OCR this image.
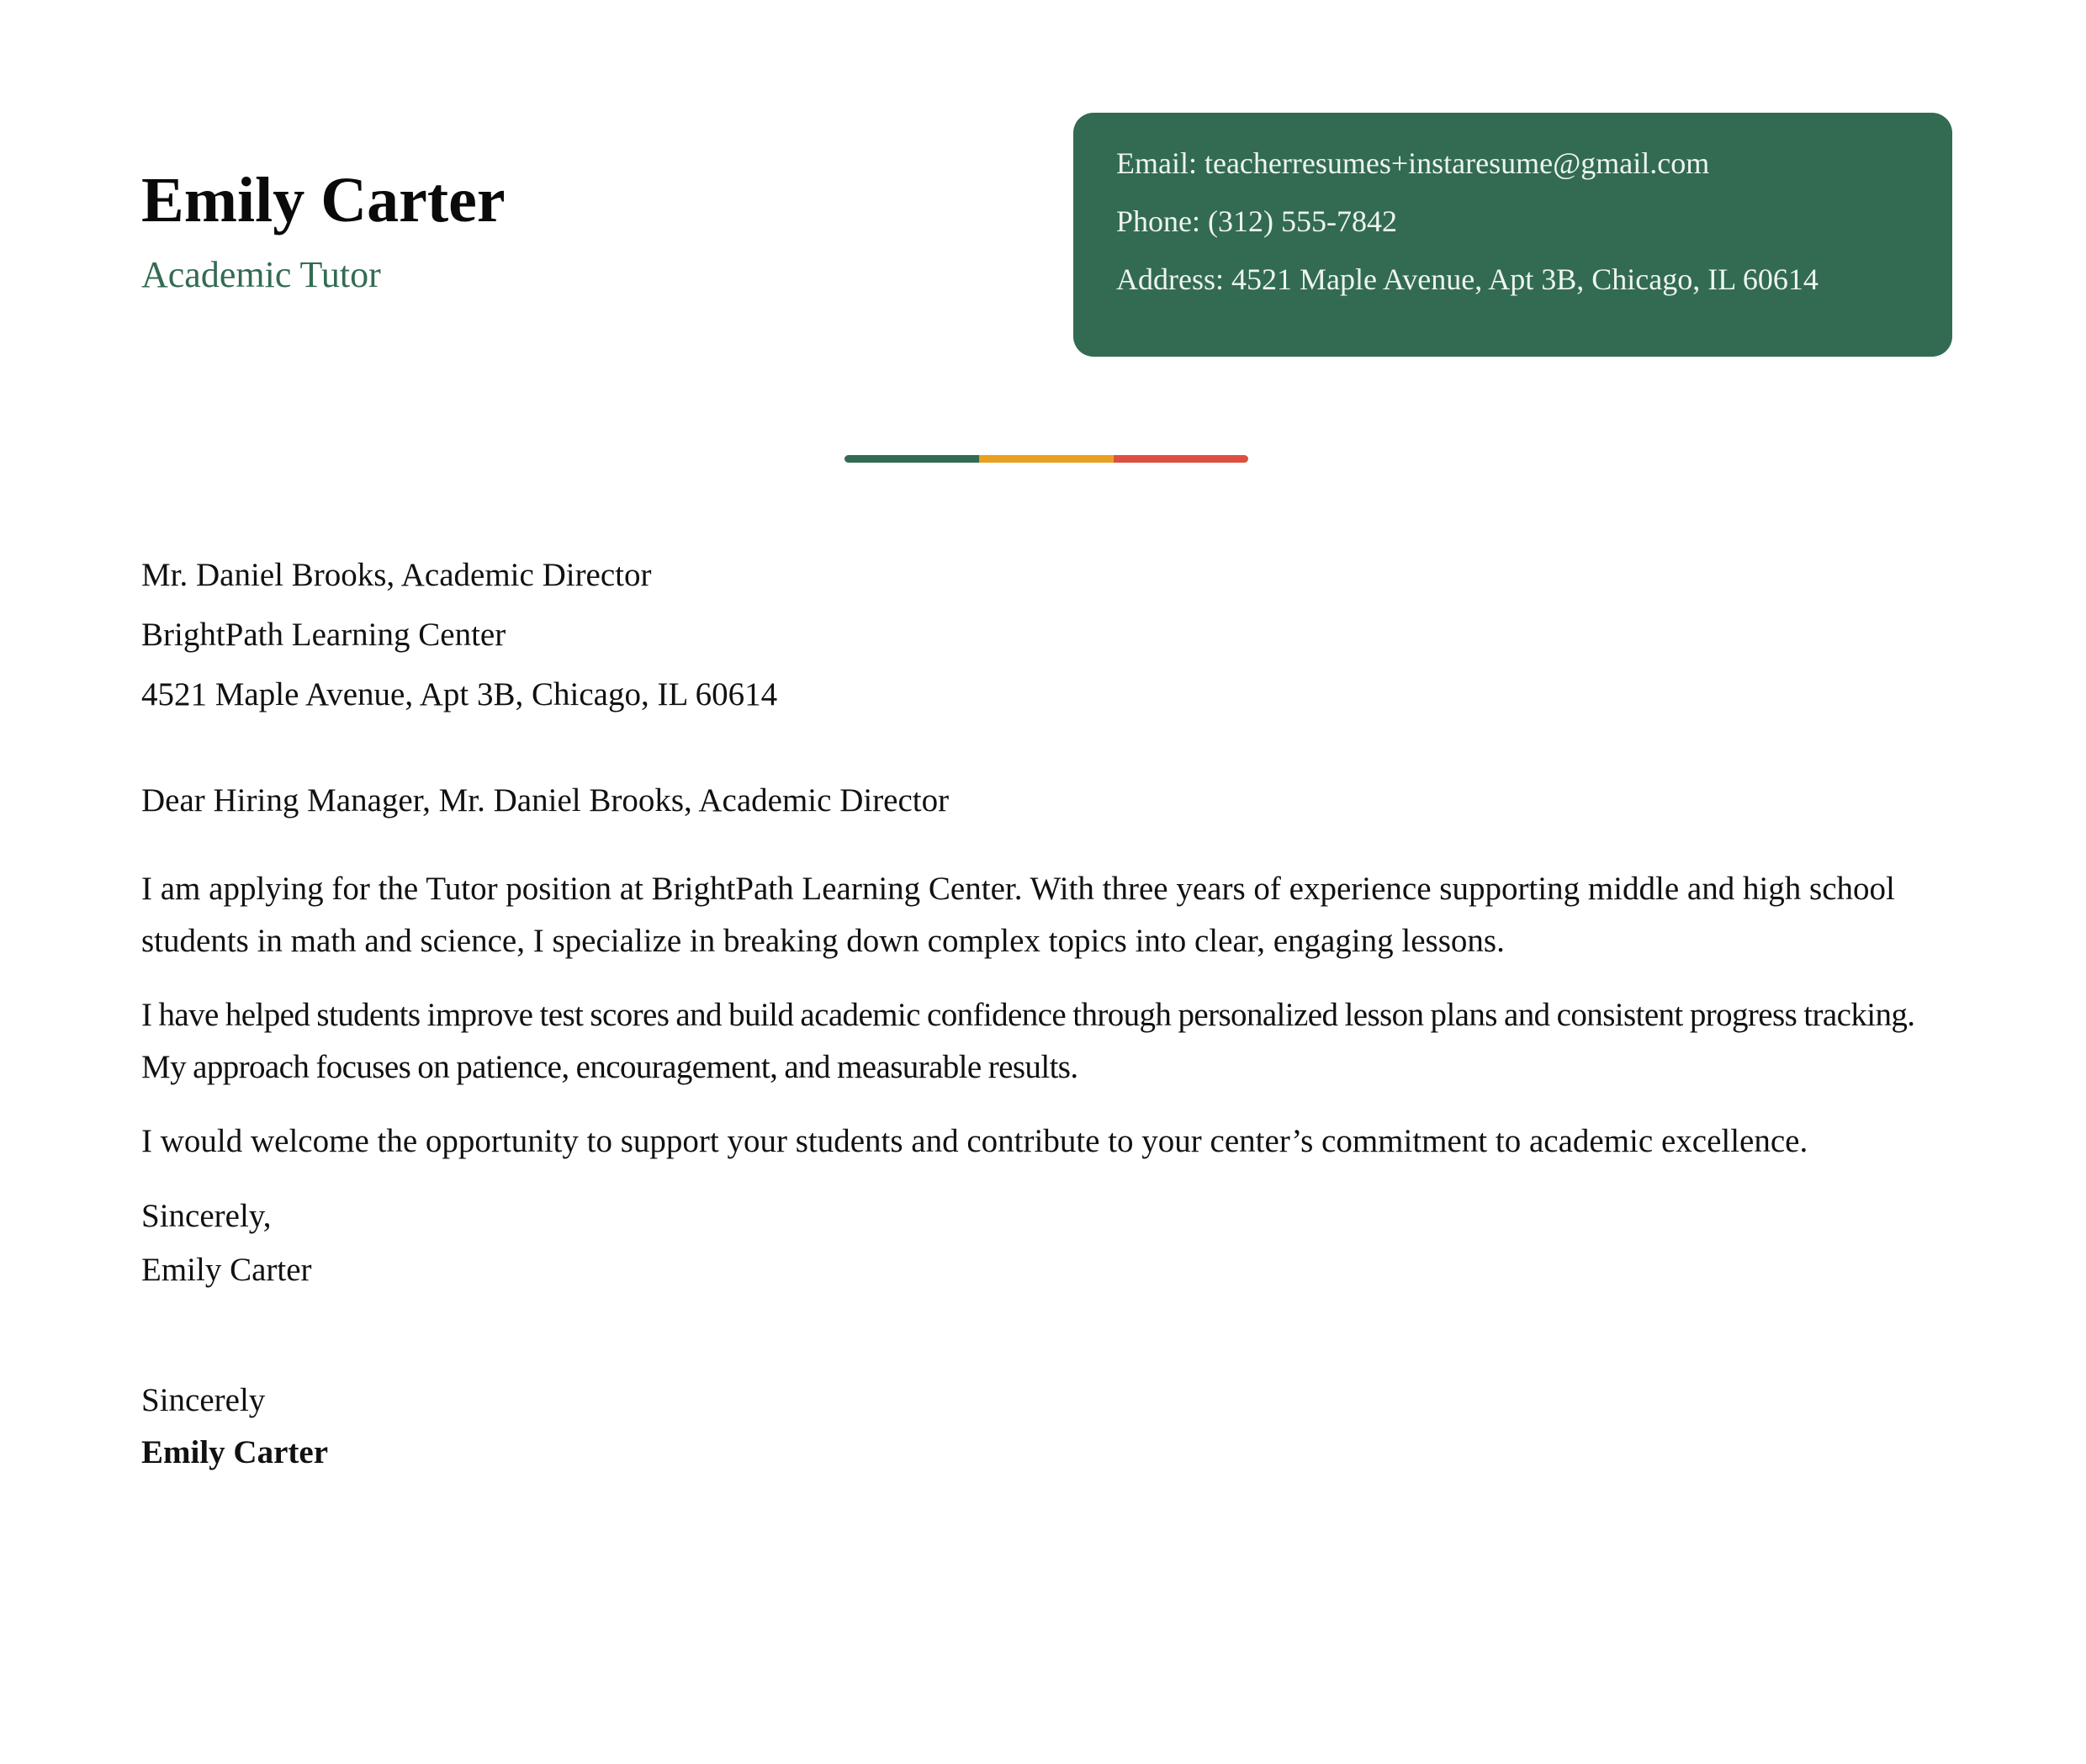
Emily Carter
Academic Tutor
Email: teacherresumes+instaresume@gmail.com
Phone: (312) 555-7842
Address: 4521 Maple Avenue, Apt 3B, Chicago, IL 60614
Mr. Daniel Brooks, Academic Director
BrightPath Learning Center
4521 Maple Avenue, Apt 3B, Chicago, IL 60614
Dear Hiring Manager, Mr. Daniel Brooks, Academic Director

I am applying for the Tutor position at BrightPath Learning Center. With three years of experience supporting middle and high school students in math and science, I specialize in breaking down complex topics into clear, engaging lessons.

I have helped students improve test scores and build academic confidence through personalized lesson plans and consistent progress tracking. My approach focuses on patience, encouragement, and measurable results.

I would welcome the opportunity to support your students and contribute to your center’s commitment to academic excellence.

Sincerely,
Emily Carter
Sincerely
Emily Carter
